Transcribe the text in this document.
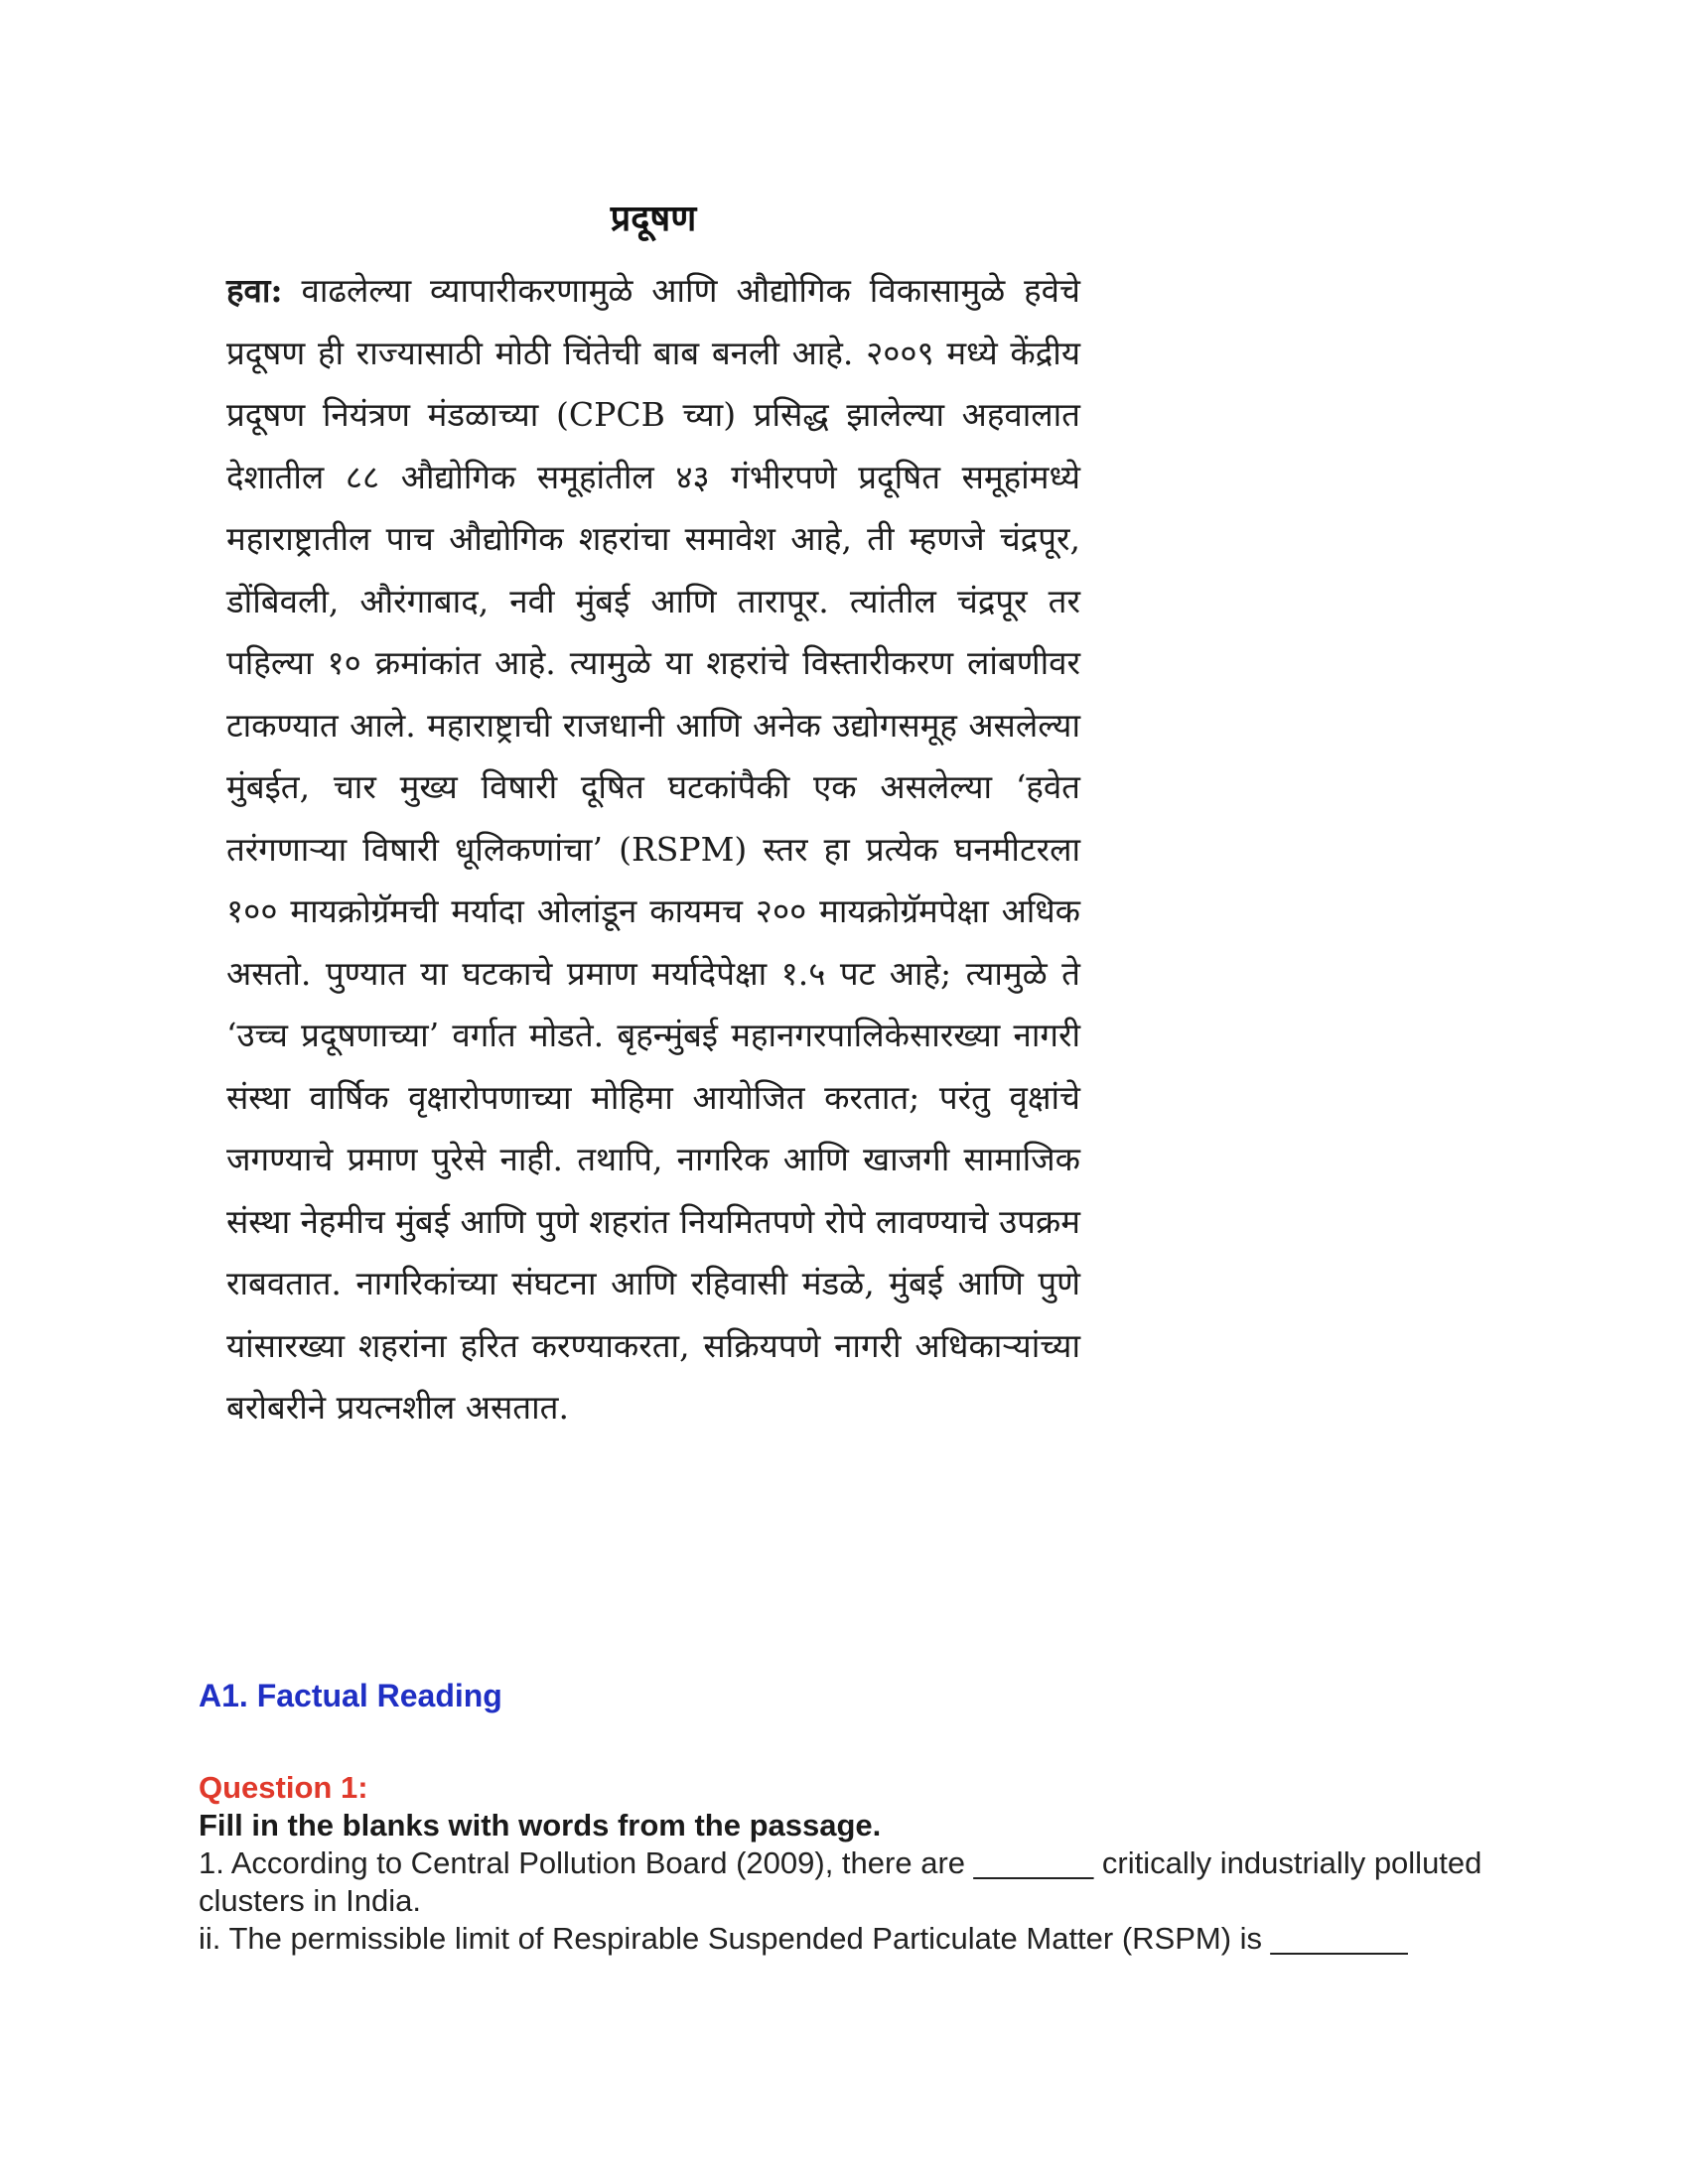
प्रदूषण

हवा: वाढलेल्या व्यापारीकरणामुळे आणि औद्योगिक विकासामुळे हवेचे प्रदूषण ही राज्यासाठी मोठी चिंतेची बाब बनली आहे. २००९ मध्ये केंद्रीय प्रदूषण नियंत्रण मंडळाच्या (CPCB च्या) प्रसिद्ध झालेल्या अहवालात देशातील ८८ औद्योगिक समूहांतील ४३ गंभीरपणे प्रदूषित समूहांमध्ये महाराष्ट्रातील पाच औद्योगिक शहरांचा समावेश आहे, ती म्हणजे चंद्रपूर, डोंबिवली, औरंगाबाद, नवी मुंबई आणि तारापूर. त्यांतील चंद्रपूर तर पहिल्या १० क्रमांकांत आहे. त्यामुळे या शहरांचे विस्तारीकरण लांबणीवर टाकण्यात आले. महाराष्ट्राची राजधानी आणि अनेक उद्योगसमूह असलेल्या मुंबईत, चार मुख्य विषारी दूषित घटकांपैकी एक असलेल्या ‘हवेत तरंगणाऱ्या विषारी धूलिकणांचा’ (RSPM) स्तर हा प्रत्येक घनमीटरला १०० मायक्रोग्रॅमची मर्यादा ओलांडून कायमच २०० मायक्रोग्रॅमपेक्षा अधिक असतो. पुण्यात या घटकाचे प्रमाण मर्यादेपेक्षा १.५ पट आहे; त्यामुळे ते ‘उच्च प्रदूषणाच्या’ वर्गात मोडते. बृहन्मुंबई महानगरपालिकेसारख्या नागरी संस्था वार्षिक वृक्षारोपणाच्या मोहिमा आयोजित करतात; परंतु वृक्षांचे जगण्याचे प्रमाण पुरेसे नाही. तथापि, नागरिक आणि खाजगी सामाजिक संस्था नेहमीच मुंबई आणि पुणे शहरांत नियमितपणे रोपे लावण्याचे उपक्रम राबवतात. नागरिकांच्या संघटना आणि रहिवासी मंडळे, मुंबई आणि पुणे यांसारख्या शहरांना हरित करण्याकरता, सक्रियपणे नागरी अधिकाऱ्यांच्या बरोबरीने प्रयत्नशील असतात.

A1. Factual Reading

Question 1:

Fill in the blanks with words from the passage.

1. According to Central Pollution Board (2009), there are _______ critically industrially polluted clusters in India.

ii. The permissible limit of Respirable Suspended Particulate Matter (RSPM) is ________
